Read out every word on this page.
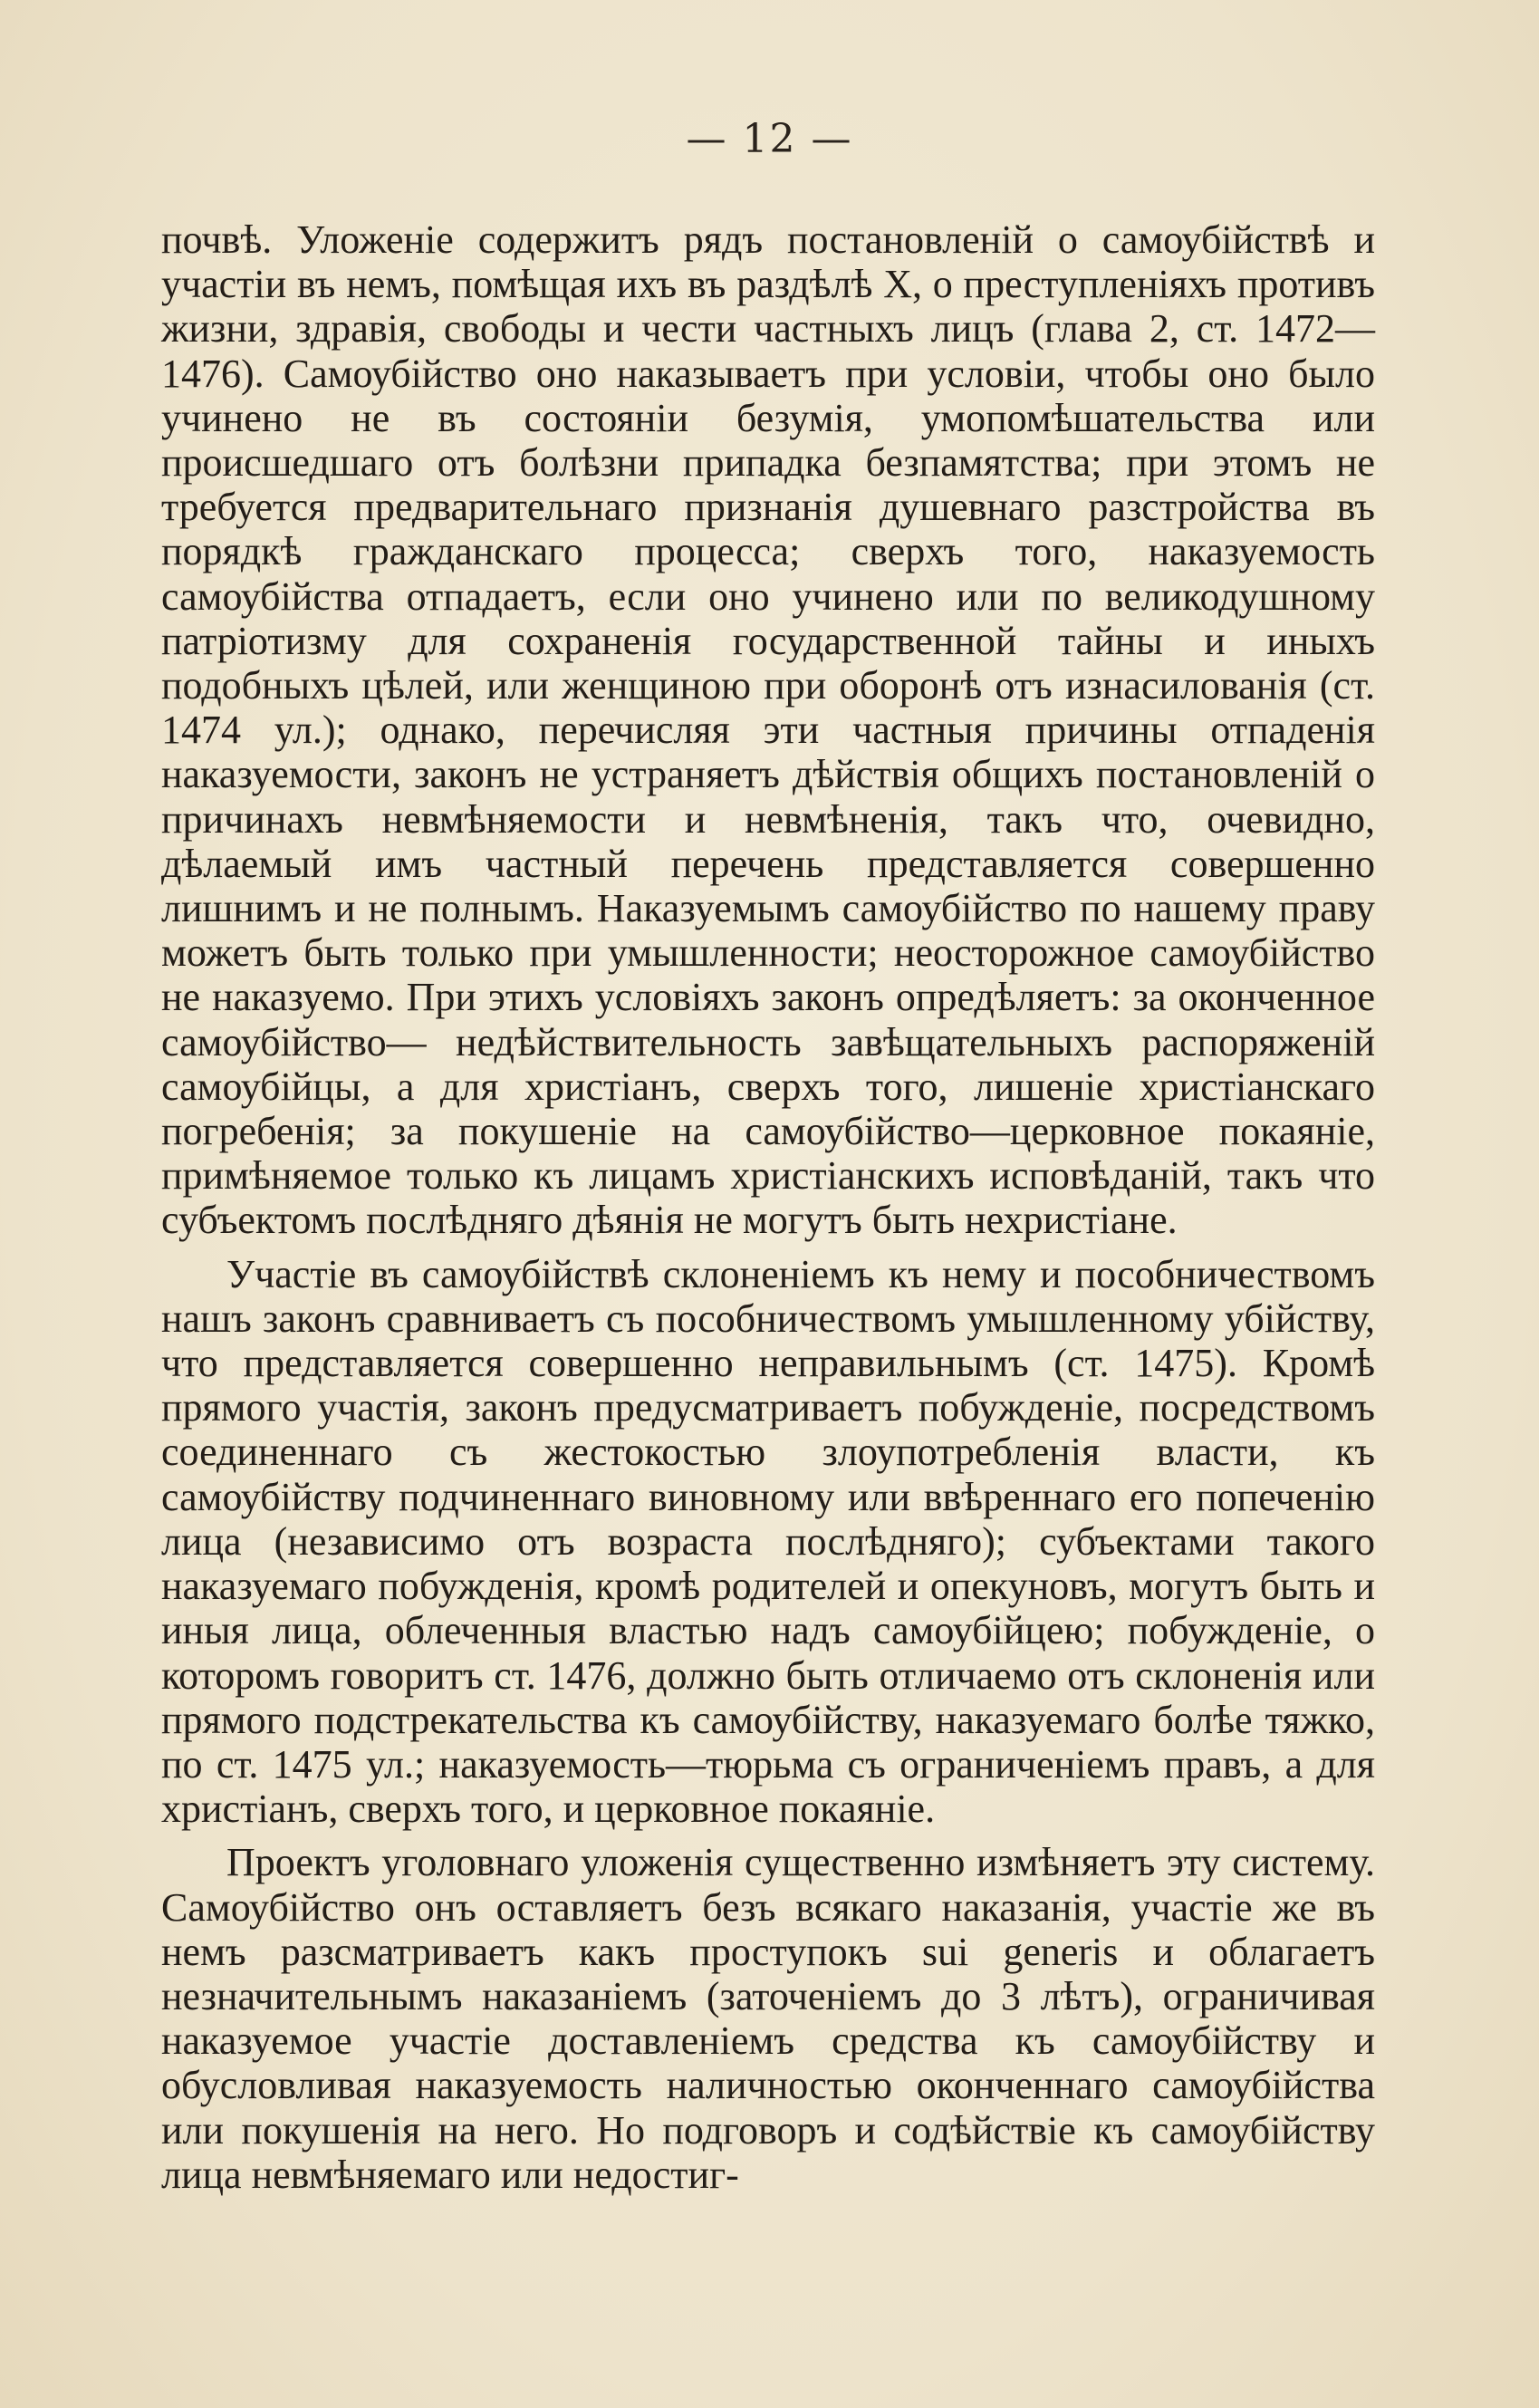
— 12 —

почвѣ. Уложеніе содержитъ рядъ постановленій о самоубійствѣ и участіи въ немъ, помѣщая ихъ въ раздѣлѣ X, о преступленіяхъ противъ жизни, здравія, свободы и чести частныхъ лицъ (глава 2, ст. 1472—1476). Самоубійство оно наказываетъ при условіи, чтобы оно было учинено не въ состояніи безумія, умопомѣшательства или происшедшаго отъ болѣзни припадка безпамятства; при этомъ не требуется предварительнаго признанія душевнаго разстройства въ порядкѣ гражданскаго процесса; сверхъ того, наказуемость самоубійства отпадаетъ, если оно учинено или по великодушному патріотизму для сохраненія государственной тайны и иныхъ подобныхъ цѣлей, или женщиною при оборонѣ отъ изнасилованія (ст. 1474 ул.); однако, перечисляя эти частныя причины отпаденія наказуемости, законъ не устраняетъ дѣйствія общихъ постановленій о причинахъ невмѣняемости и невмѣненія, такъ что, очевидно, дѣлаемый имъ частный перечень представляется совершенно лишнимъ и не полнымъ. Наказуемымъ самоубійство по нашему праву можетъ быть только при умышленности; неосторожное самоубійство не наказуемо. При этихъ условіяхъ законъ опредѣляетъ: за оконченное самоубійство— недѣйствительность завѣщательныхъ распоряженій самоубійцы, а для христіанъ, сверхъ того, лишеніе христіанскаго погребенія; за покушеніе на самоубійство—церковное покаяніе, примѣняемое только къ лицамъ христіанскихъ исповѣданій, такъ что субъектомъ послѣдняго дѣянія не могутъ быть нехристіане.

Участіе въ самоубійствѣ склоненіемъ къ нему и пособничествомъ нашъ законъ сравниваетъ съ пособничествомъ умышленному убійству, что представляется совершенно неправильнымъ (ст. 1475). Кромѣ прямого участія, законъ предусматриваетъ побужденіе, посредствомъ соединеннаго съ жестокостью злоупотребленія власти, къ самоубійству подчиненнаго виновному или ввѣреннаго его попеченію лица (независимо отъ возраста послѣдняго); субъектами такого наказуемаго побужденія, кромѣ родителей и опекуновъ, могутъ быть и иныя лица, облеченныя властью надъ самоубійцею; побужденіе, о которомъ говоритъ ст. 1476, должно быть отличаемо отъ склоненія или прямого подстрекательства къ самоубійству, наказуемаго болѣе тяжко, по ст. 1475 ул.; наказуемость—тюрьма съ ограниченіемъ правъ, а для христіанъ, сверхъ того, и церковное покаяніе.

Проектъ уголовнаго уложенія существенно измѣняетъ эту систему. Самоубійство онъ оставляетъ безъ всякаго наказанія, участіе же въ немъ разсматриваетъ какъ проступокъ sui generis и облагаетъ незначительнымъ наказаніемъ (заточеніемъ до 3 лѣтъ), ограничивая наказуемое участіе доставленіемъ средства къ самоубійству и обусловливая наказуемость наличностью оконченнаго самоубійства или покушенія на него. Но подговоръ и содѣйствіе къ самоубійству лица невмѣняемаго или недостиг-
